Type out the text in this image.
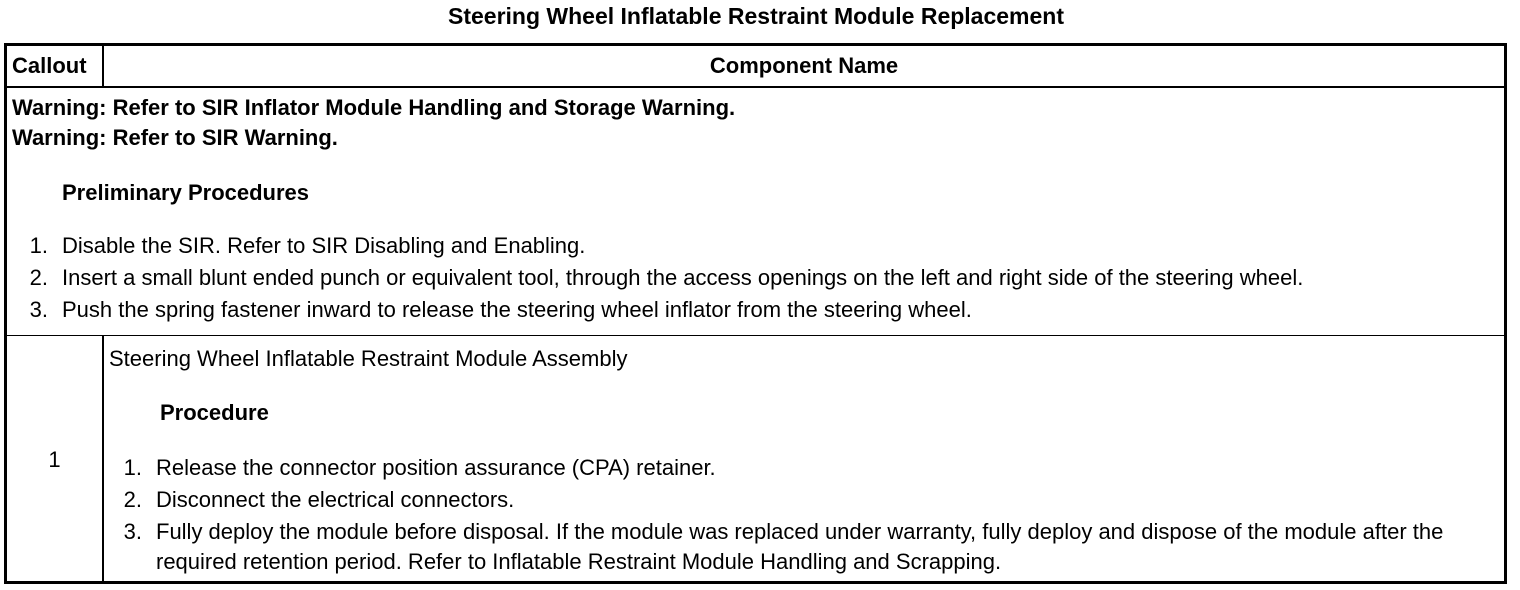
Steering Wheel Inflatable Restraint Module Replacement
Callout	Component Name
Warning: Refer to SIR Inflator Module Handling and Storage Warning.
Warning: Refer to SIR Warning.
Preliminary Procedures
1. Disable the SIR. Refer to SIR Disabling and Enabling.
2. Insert a small blunt ended punch or equivalent tool, through the access openings on the left and right side of the steering wheel.
3. Push the spring fastener inward to release the steering wheel inflator from the steering wheel.
1
Steering Wheel Inflatable Restraint Module Assembly
Procedure
1. Release the connector position assurance (CPA) retainer.
2. Disconnect the electrical connectors.
3. Fully deploy the module before disposal. If the module was replaced under warranty, fully deploy and dispose of the module after the required retention period. Refer to Inflatable Restraint Module Handling and Scrapping.
